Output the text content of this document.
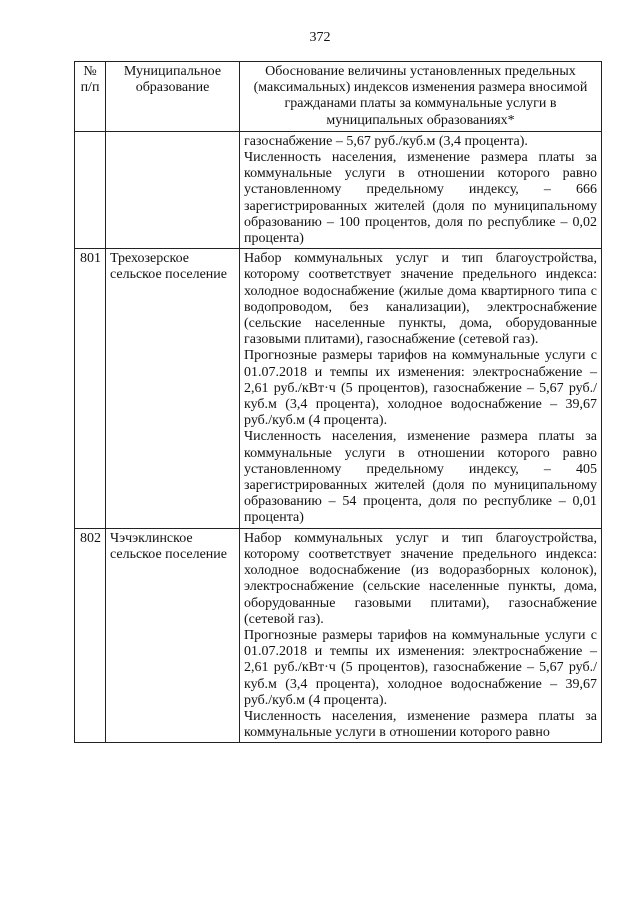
372
№ п/п	Муниципальное образование	Обоснование величины установленных предельных (максимальных) индексов изменения размера вносимой гражданами платы за коммунальные услуги в муниципальных образованиях*

		газоснабжение – 5,67 руб./куб.м (3,4 процента).

Численность населения, изменение размера платы за коммунальные услуги в отношении которого равно установленному предельному индексу, – 666 зарегистрированных жителей (доля по муниципальному образованию – 100 процентов, доля по республике – 0,02 процента)

801	Трехозерское сельское поселение	Набор коммунальных услуг и тип благоустройства, которому соответствует значение предельного индекса: холодное водоснабжение (жилые дома квартирного типа с водопроводом, без канализации), электроснабжение (сельские населенные пункты, дома, оборудованные газовыми плитами), газоснабжение (сетевой газ).

Прогнозные размеры тарифов на коммунальные услуги с 01.07.2018 и темпы их изменения: электроснабжение – 2,61 руб./кВт·ч (5 процентов), газоснабжение – 5,67 руб./куб.м (3,4 процента), холодное водоснабжение – 39,67 руб./куб.м (4 процента).

Численность населения, изменение размера платы за коммунальные услуги в отношении которого равно установленному предельному индексу, – 405 зарегистрированных жителей (доля по муниципальному образованию – 54 процента, доля по республике – 0,01 процента)

802	Чэчэклинское сельское поселение	Набор коммунальных услуг и тип благоустройства, которому соответствует значение предельного индекса: холодное водоснабжение (из водоразборных колонок), электроснабжение (сельские населенные пункты, дома, оборудованные газовыми плитами), газоснабжение (сетевой газ).

Прогнозные размеры тарифов на коммунальные услуги с 01.07.2018 и темпы их изменения: электроснабжение – 2,61 руб./кВт·ч (5 процентов), газоснабжение – 5,67 руб./куб.м (3,4 процента), холодное водоснабжение – 39,67 руб./куб.м (4 процента).

Численность населения, изменение размера платы за коммунальные услуги в отношении которого равно
